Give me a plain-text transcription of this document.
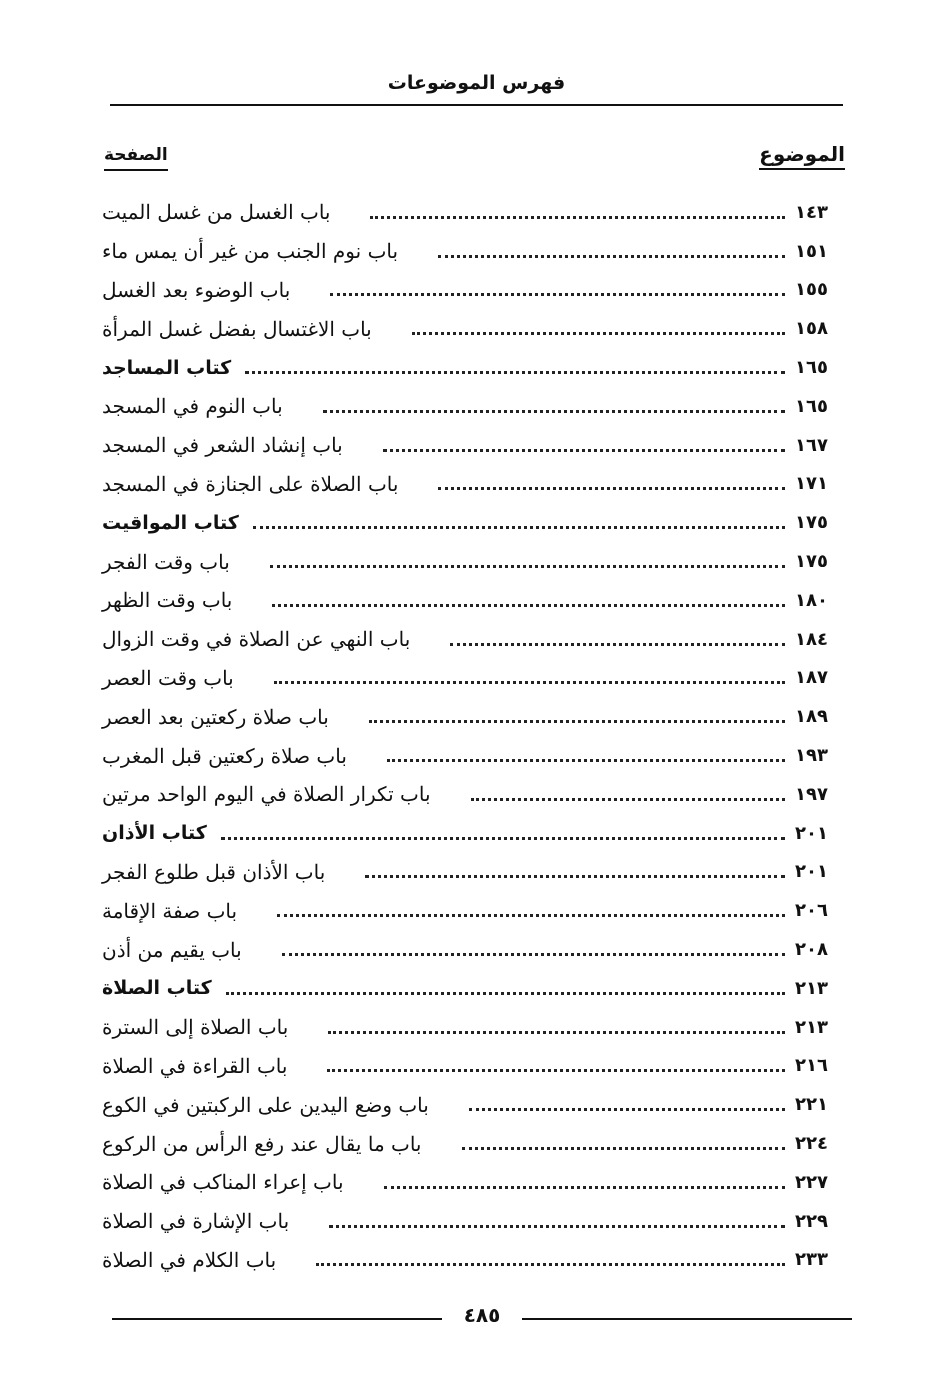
فهرس الموضوعات
الموضوع
الصفحة
باب الغسل من غسل الميت	١٤٣
باب نوم الجنب من غير أن يمس ماء	١٥١
باب الوضوء بعد الغسل	١٥٥
باب الاغتسال بفضل غسل المرأة	١٥٨
كتاب المساجد	١٦٥
باب النوم في المسجد	١٦٥
باب إنشاد الشعر في المسجد	١٦٧
باب الصلاة على الجنازة في المسجد	١٧١
كتاب المواقيت	١٧٥
باب وقت الفجر	١٧٥
باب وقت الظهر	١٨٠
باب النهي عن الصلاة في وقت الزوال	١٨٤
باب وقت العصر	١٨٧
باب صلاة ركعتين بعد العصر	١٨٩
باب صلاة ركعتين قبل المغرب	١٩٣
باب تكرار الصلاة في اليوم الواحد مرتين	١٩٧
كتاب الأذان	٢٠١
باب الأذان قبل طلوع الفجر	٢٠١
باب صفة الإقامة	٢٠٦
باب يقيم من أذن	٢٠٨
كتاب الصلاة	٢١٣
باب الصلاة إلى السترة	٢١٣
باب القراءة في الصلاة	٢١٦
باب وضع اليدين على الركبتين في الكوع	٢٢١
باب ما يقال عند رفع الرأس من الركوع	٢٢٤
باب إعراء المناكب في الصلاة	٢٢٧
باب الإشارة في الصلاة	٢٢٩
باب الكلام في الصلاة	٢٣٣
٤٨٥
